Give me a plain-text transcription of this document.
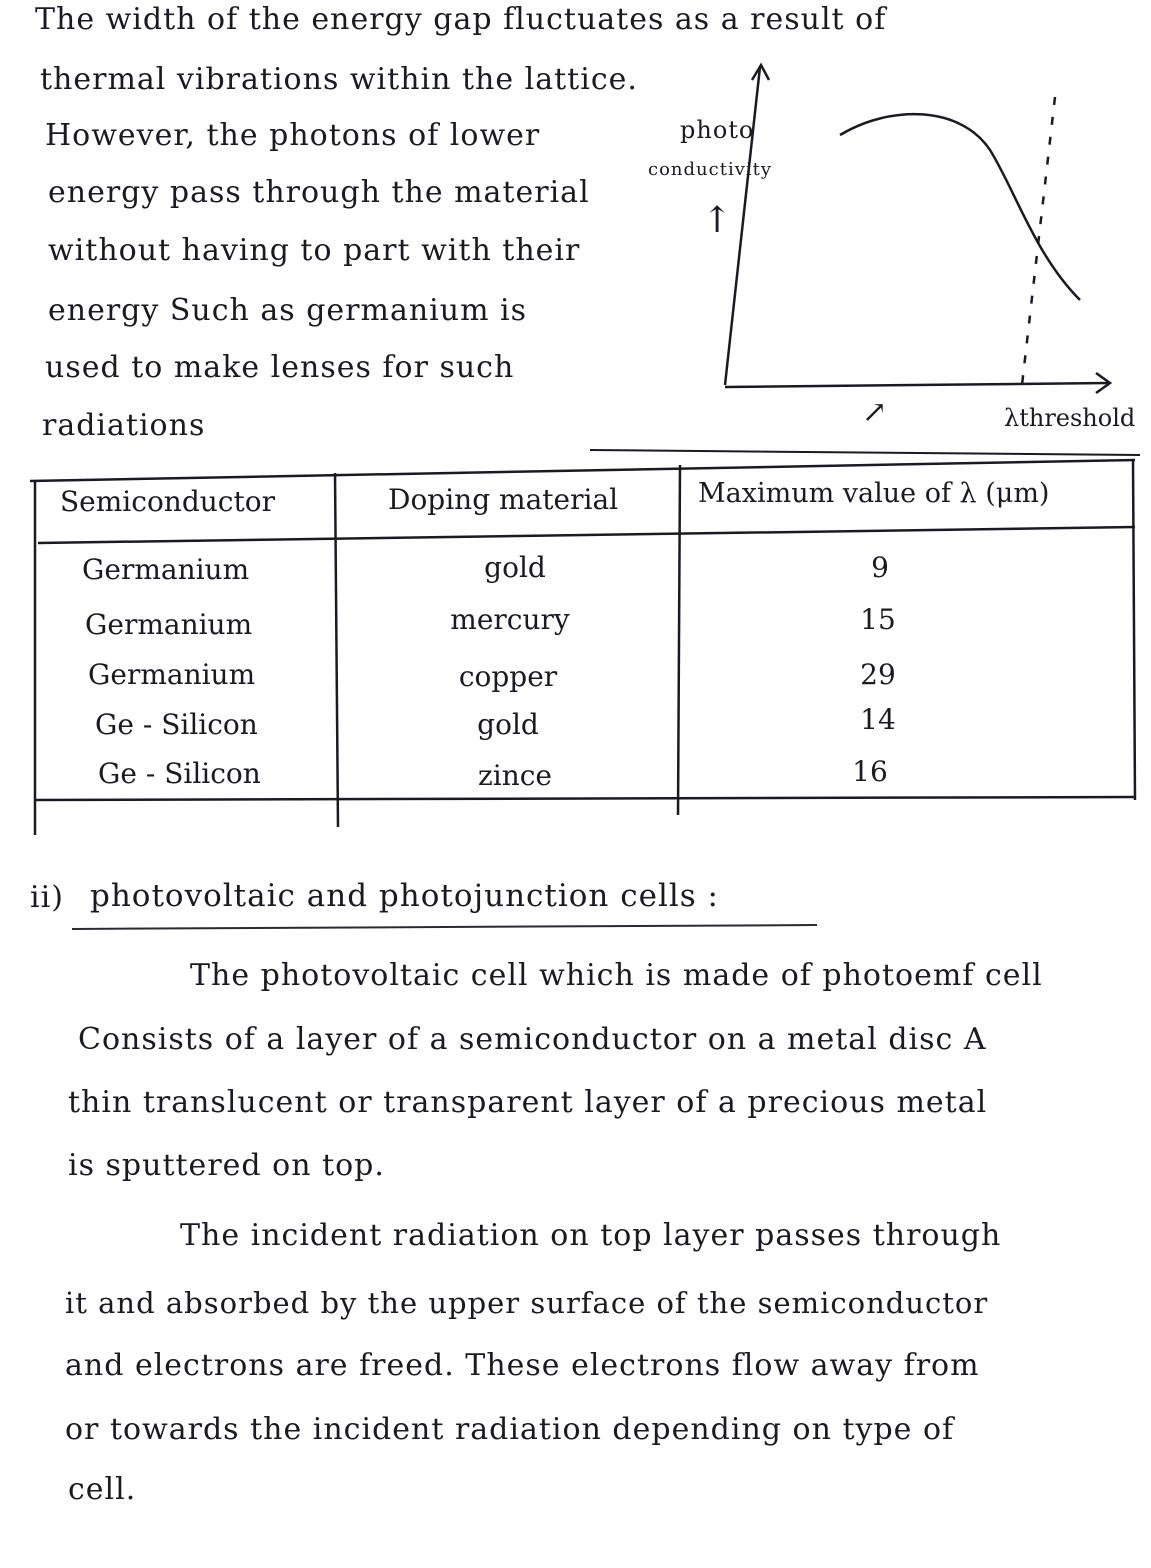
The width of the energy gap fluctuates as a result of
thermal vibrations within the lattice.
However, the photons of lower
energy pass through the material
without having to part with their
energy Such as germanium is
used to make lenses for such
radiations
photo
conductivity
↑
↗	λthreshold
Semiconductor	Doping material	Maximum value of λ (μm)
Germanium	gold	9
Germanium	mercury	15
Germanium	copper	29
Ge - Silicon	gold	14
Ge - Silicon	zince	16
ii) photovoltaic and photojunction cells :
The photovoltaic cell which is made of photoemf cell
Consists of a layer of a semiconductor on a metal disc A
thin translucent or transparent layer of a precious metal
is sputtered on top.
The incident radiation on top layer passes through
it and absorbed by the upper surface of the semiconductor
and electrons are freed. These electrons flow away from
or towards the incident radiation depending on type of
cell.
